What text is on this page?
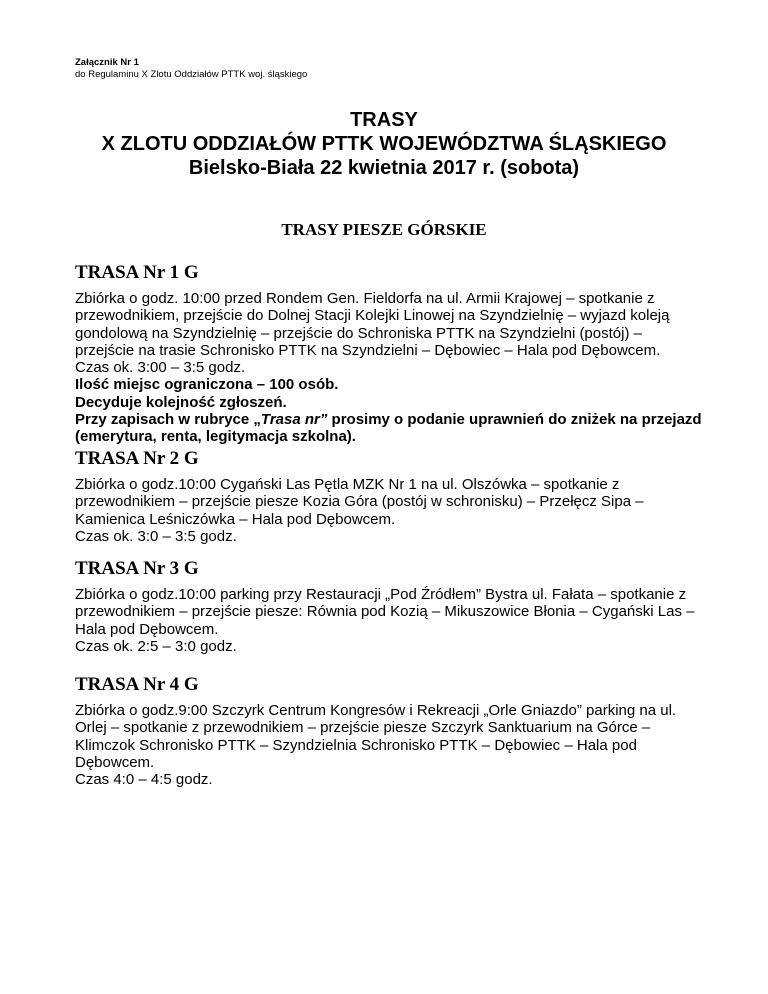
Załącznik Nr 1
do Regulaminu X Zlotu Oddziałów PTTK woj. śląskiego
TRASY
X ZLOTU ODDZIAŁÓW PTTK WOJEWÓDZTWA ŚLĄSKIEGO
Bielsko-Biała 22 kwietnia 2017 r. (sobota)
TRASY PIESZE GÓRSKIE
TRASA Nr 1 G

Zbiórka o godz. 10:00 przed Rondem Gen. Fieldorfa na ul. Armii Krajowej – spotkanie z przewodnikiem, przejście do Dolnej Stacji Kolejki Linowej na Szyndzielnię – wyjazd koleją gondolową na Szyndzielnię – przejście do Schroniska PTTK na Szyndzielni (postój) – przejście na trasie Schronisko PTTK na Szyndzielni – Dębowiec – Hala pod Dębowcem.

Czas ok. 3:00 – 3:5 godz.

Ilość miejsc ograniczona – 100 osób.

Decyduje kolejność zgłoszeń.

Przy zapisach w rubryce „Trasa nr” prosimy o podanie uprawnień do zniżek na przejazd (emerytura, renta, legitymacja szkolna).

TRASA Nr 2 G

Zbiórka o godz.10:00 Cygański Las Pętla MZK Nr 1 na ul. Olszówka – spotkanie z przewodnikiem – przejście piesze Kozia Góra (postój w schronisku) – Przełęcz Sipa – Kamienica Leśniczówka – Hala pod Dębowcem.

Czas ok. 3:0 – 3:5 godz.

TRASA Nr 3 G

Zbiórka o godz.10:00 parking przy Restauracji „Pod Źródłem” Bystra ul. Fałata – spotkanie z przewodnikiem – przejście piesze: Równia pod Kozią – Mikuszowice Błonia – Cygański Las – Hala pod Dębowcem.

Czas ok. 2:5 – 3:0 godz.

TRASA Nr 4 G

Zbiórka o godz.9:00 Szczyrk Centrum Kongresów i Rekreacji „Orle Gniazdo” parking na ul. Orlej – spotkanie z przewodnikiem – przejście piesze Szczyrk Sanktuarium na Górce – Klimczok Schronisko PTTK – Szyndzielnia Schronisko PTTK – Dębowiec – Hala pod Dębowcem.

Czas 4:0 – 4:5 godz.
